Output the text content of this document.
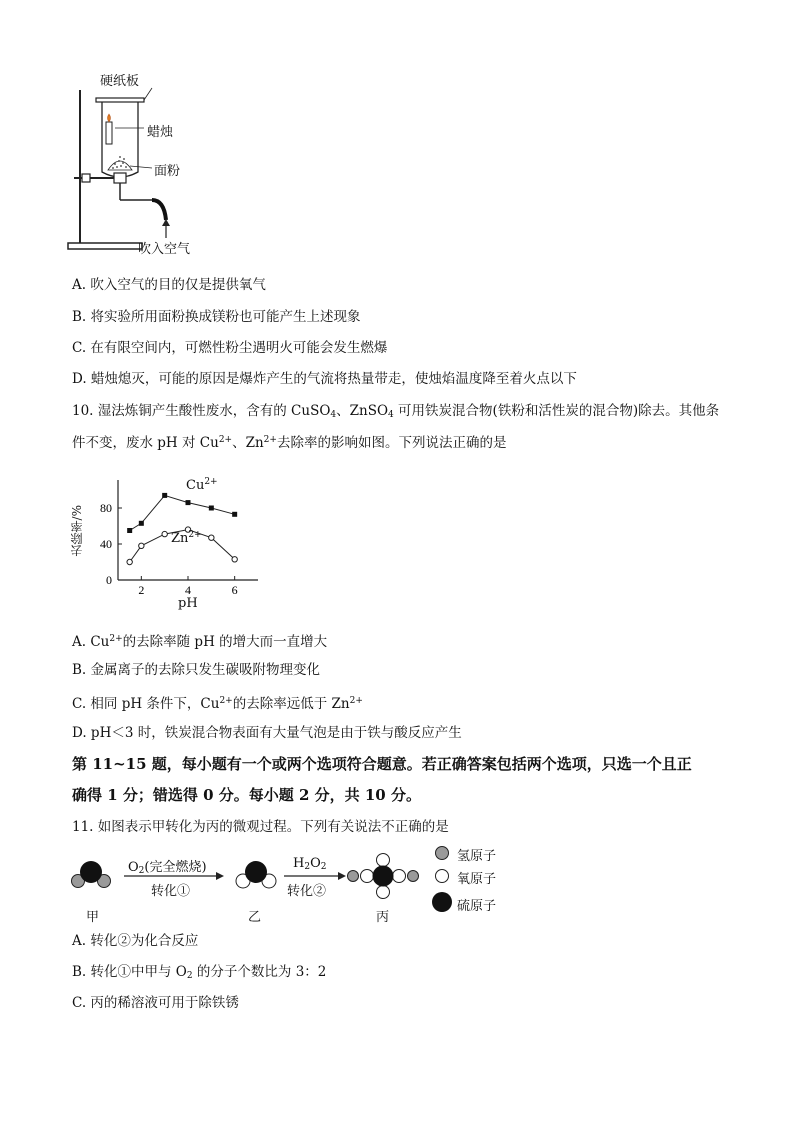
硬纸板
蜡烛
面粉
吹入空气
A. 吹入空气的目的仅是提供氧气
B. 将实验所用面粉换成镁粉也可能产生上述现象
C. 在有限空间内，可燃性粉尘遇明火可能会发生燃爆
D. 蜡烛熄灭，可能的原因是爆炸产生的气流将热量带走，使烛焰温度降至着火点以下
10. 湿法炼铜产生酸性废水，含有的 CuSO$_4$、ZnSO$_4$ 可用铁炭混合物(铁粉和活性炭的混合物)除去。其他条
件不变，废水 pH 对 $Cu^{2+}$、$Zn^{2+}$去除率的影响如图。下列说法正确的是
2	4	6
0
40
80
$Cu^{2+}$
$Zn^{2+}$
pH
去除率/%
A. $Cu^{2+}$的去除率随 pH 的增大而一直增大
B. 金属离子的去除只发生碳吸附物理变化
C. 相同 pH 条件下，$Cu^{2+}$的去除率远低于 $Zn^{2+}$
D. pH＜3 时，铁炭混合物表面有大量气泡是由于铁与酸反应产生
第 11~15 题，每小题有一个或两个选项符合题意。若正确答案包括两个选项，只选一个且正
确得 1 分；错选得 0 分。每小题 2 分，共 10 分。
11. 如图表示甲转化为丙的微观过程。下列有关说法不正确的是
$O_2$(完全燃烧)
转化①
$H_2O_2$
转化②
甲	乙	丙
氢原子
氧原子
硫原子
A. 转化②为化合反应
B. 转化①中甲与 $O_2$ 的分子个数比为 3：2
C. 丙的稀溶液可用于除铁锈
